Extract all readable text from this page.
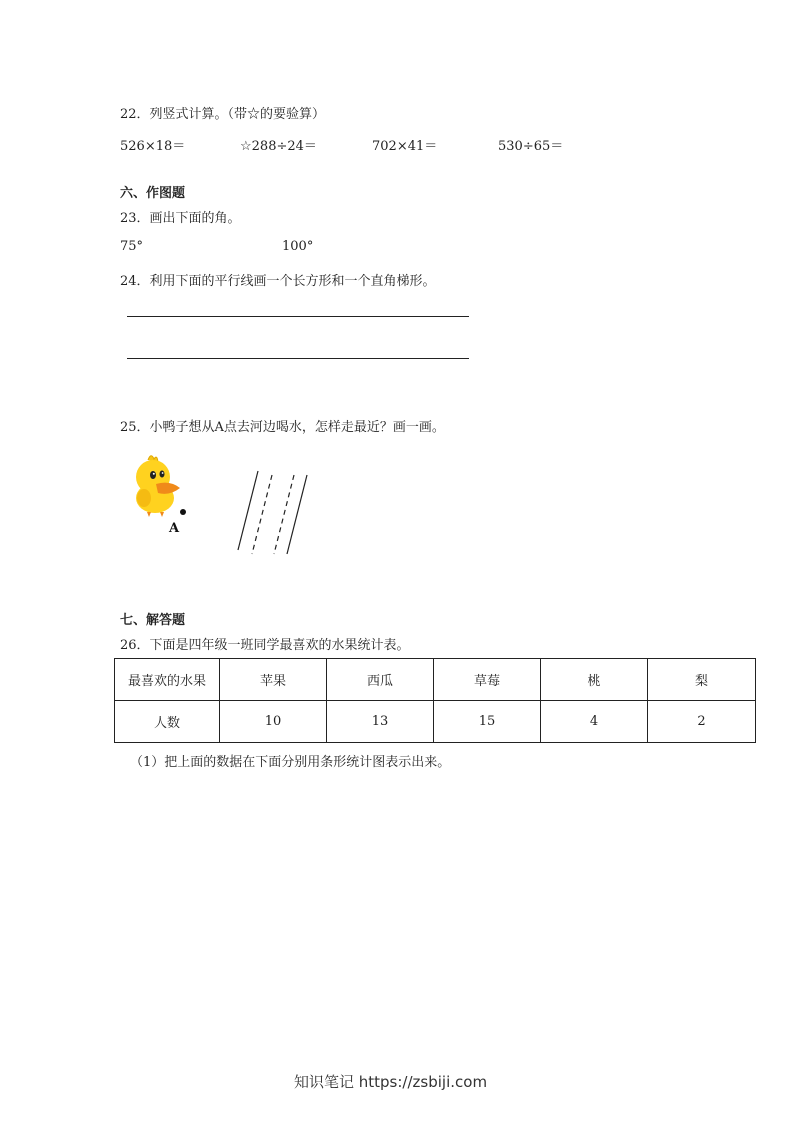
22．列竖式计算。（带☆的要验算）
526×18＝	☆288÷24＝	702×41＝	530÷65＝
六、作图题
23．画出下面的角。
75°	100°
24．利用下面的平行线画一个长方形和一个直角梯形。
25．小鸭子想从A点去河边喝水，怎样走最近？画一画。
A
七、解答题
26．下面是四年级一班同学最喜欢的水果统计表。
最喜欢的水果	苹果	西瓜	草莓	桃	梨
人数	10	13	15	4	2
（1）把上面的数据在下面分别用条形统计图表示出来。
知识笔记 https://zsbiji.com
